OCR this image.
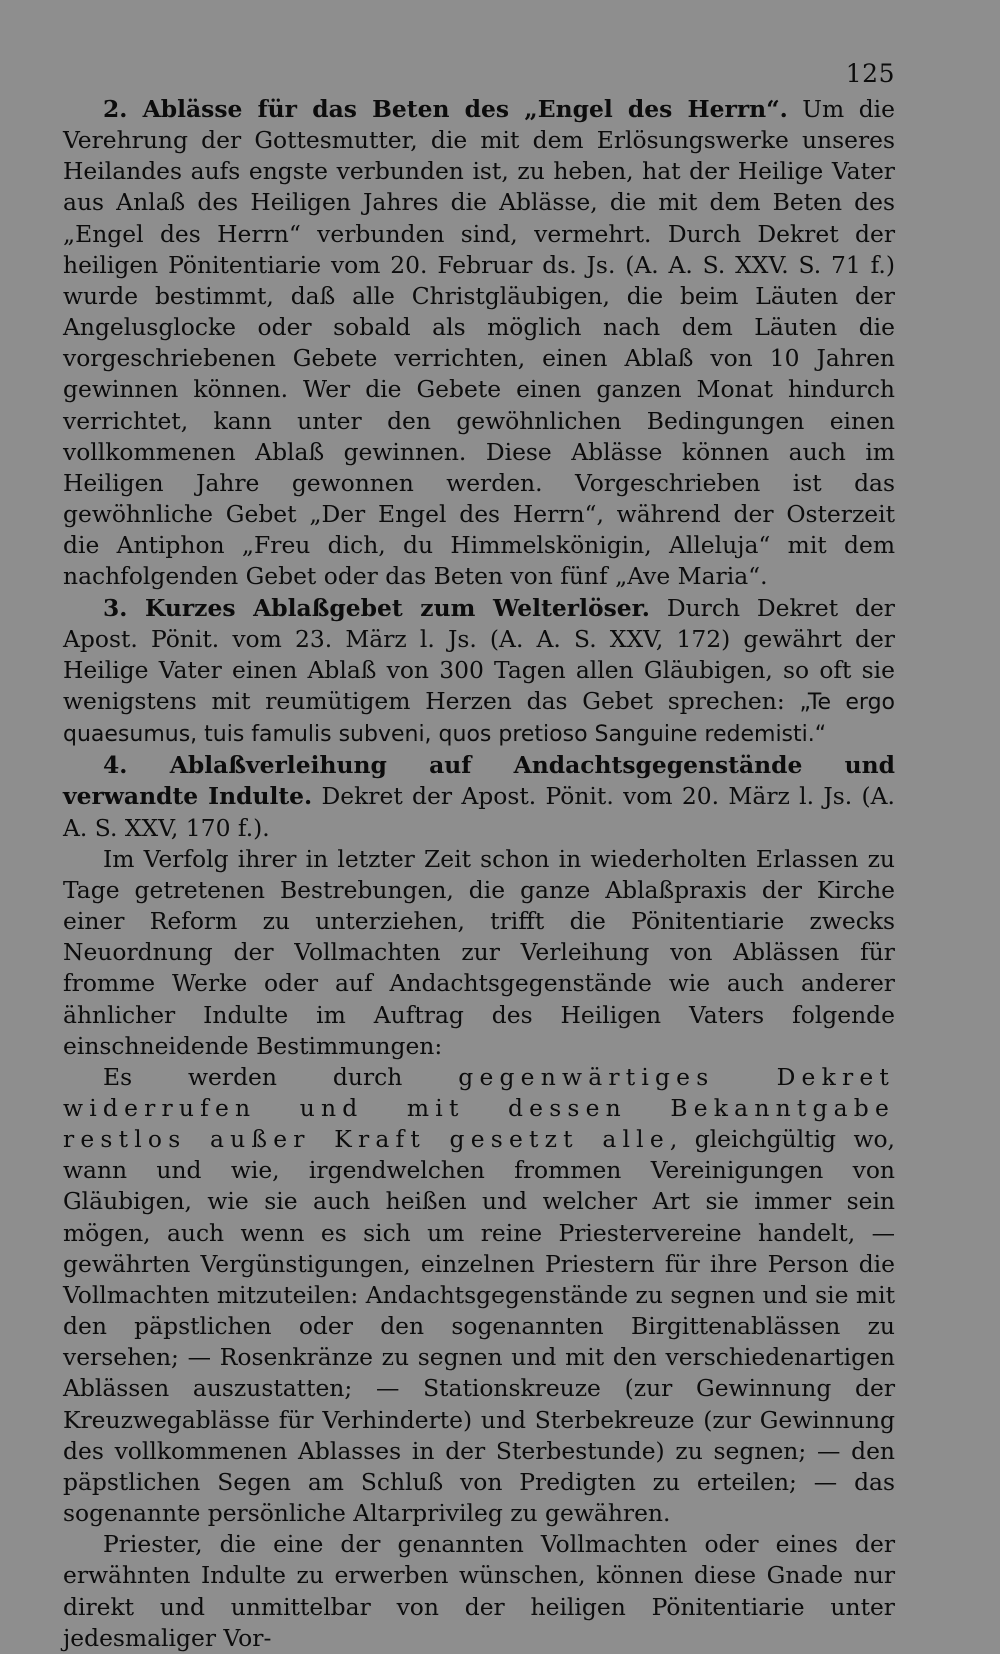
125

2. Ablässe für das Beten des „Engel des Herrn“. Um die Verehrung der Gottesmutter, die mit dem Erlösungswerke unseres Heilandes aufs engste verbunden ist, zu heben, hat der Heilige Vater aus Anlaß des Heiligen Jahres die Ablässe, die mit dem Beten des „Engel des Herrn“ verbunden sind, vermehrt. Durch Dekret der heiligen Pönitentiarie vom 20. Februar ds. Js. (A. A. S. XXV. S. 71 f.) wurde bestimmt, daß alle Christgläubigen, die beim Läuten der Angelusglocke oder sobald als möglich nach dem Läuten die vorgeschriebenen Gebete verrichten, einen Ablaß von 10 Jahren gewinnen können. Wer die Gebete einen ganzen Monat hindurch verrichtet, kann unter den gewöhnlichen Bedingungen einen vollkommenen Ablaß gewinnen. Diese Ablässe können auch im Heiligen Jahre gewonnen werden. Vorgeschrieben ist das gewöhnliche Gebet „Der Engel des Herrn“, während der Osterzeit die Antiphon „Freu dich, du Himmelskönigin, Alleluja“ mit dem nachfolgenden Gebet oder das Beten von fünf „Ave Maria“.

3. Kurzes Ablaßgebet zum Welterlöser. Durch Dekret der Apost. Pönit. vom 23. März l. Js. (A. A. S. XXV, 172) gewährt der Heilige Vater einen Ablaß von 300 Tagen allen Gläubigen, so oft sie wenigstens mit reumütigem Herzen das Gebet sprechen: „Te ergo quaesumus, tuis famulis subveni, quos pretioso Sanguine redemisti.“

4. Ablaßverleihung auf Andachtsgegenstände und verwandte Indulte. Dekret der Apost. Pönit. vom 20. März l. Js. (A. A. S. XXV, 170 f.).

Im Verfolg ihrer in letzter Zeit schon in wiederholten Erlassen zu Tage getretenen Bestrebungen, die ganze Ablaßpraxis der Kirche einer Reform zu unterziehen, trifft die Pönitentiarie zwecks Neuordnung der Vollmachten zur Verleihung von Ablässen für fromme Werke oder auf Andachtsgegenstände wie auch anderer ähnlicher Indulte im Auftrag des Heiligen Vaters folgende einschneidende Bestimmungen:

Es werden durch gegenwärtiges Dekret widerrufen und mit dessen Bekanntgabe restlos außer Kraft gesetzt alle, gleichgültig wo, wann und wie, irgendwelchen frommen Vereinigungen von Gläubigen, wie sie auch heißen und welcher Art sie immer sein mögen, auch wenn es sich um reine Priestervereine handelt, — gewährten Vergünstigungen, einzelnen Priestern für ihre Person die Vollmachten mitzuteilen: Andachtsgegenstände zu segnen und sie mit den päpstlichen oder den sogenannten Birgittenablässen zu versehen; — Rosenkränze zu segnen und mit den verschiedenartigen Ablässen auszustatten; — Stationskreuze (zur Gewinnung der Kreuzwegablässe für Verhinderte) und Sterbekreuze (zur Gewinnung des vollkommenen Ablasses in der Sterbestunde) zu segnen; — den päpstlichen Segen am Schluß von Predigten zu erteilen; — das sogenannte persönliche Altarprivileg zu gewähren.

Priester, die eine der genannten Vollmachten oder eines der erwähnten Indulte zu erwerben wünschen, können diese Gnade nur direkt und unmittelbar von der heiligen Pönitentiarie unter jedesmaliger Vor-
